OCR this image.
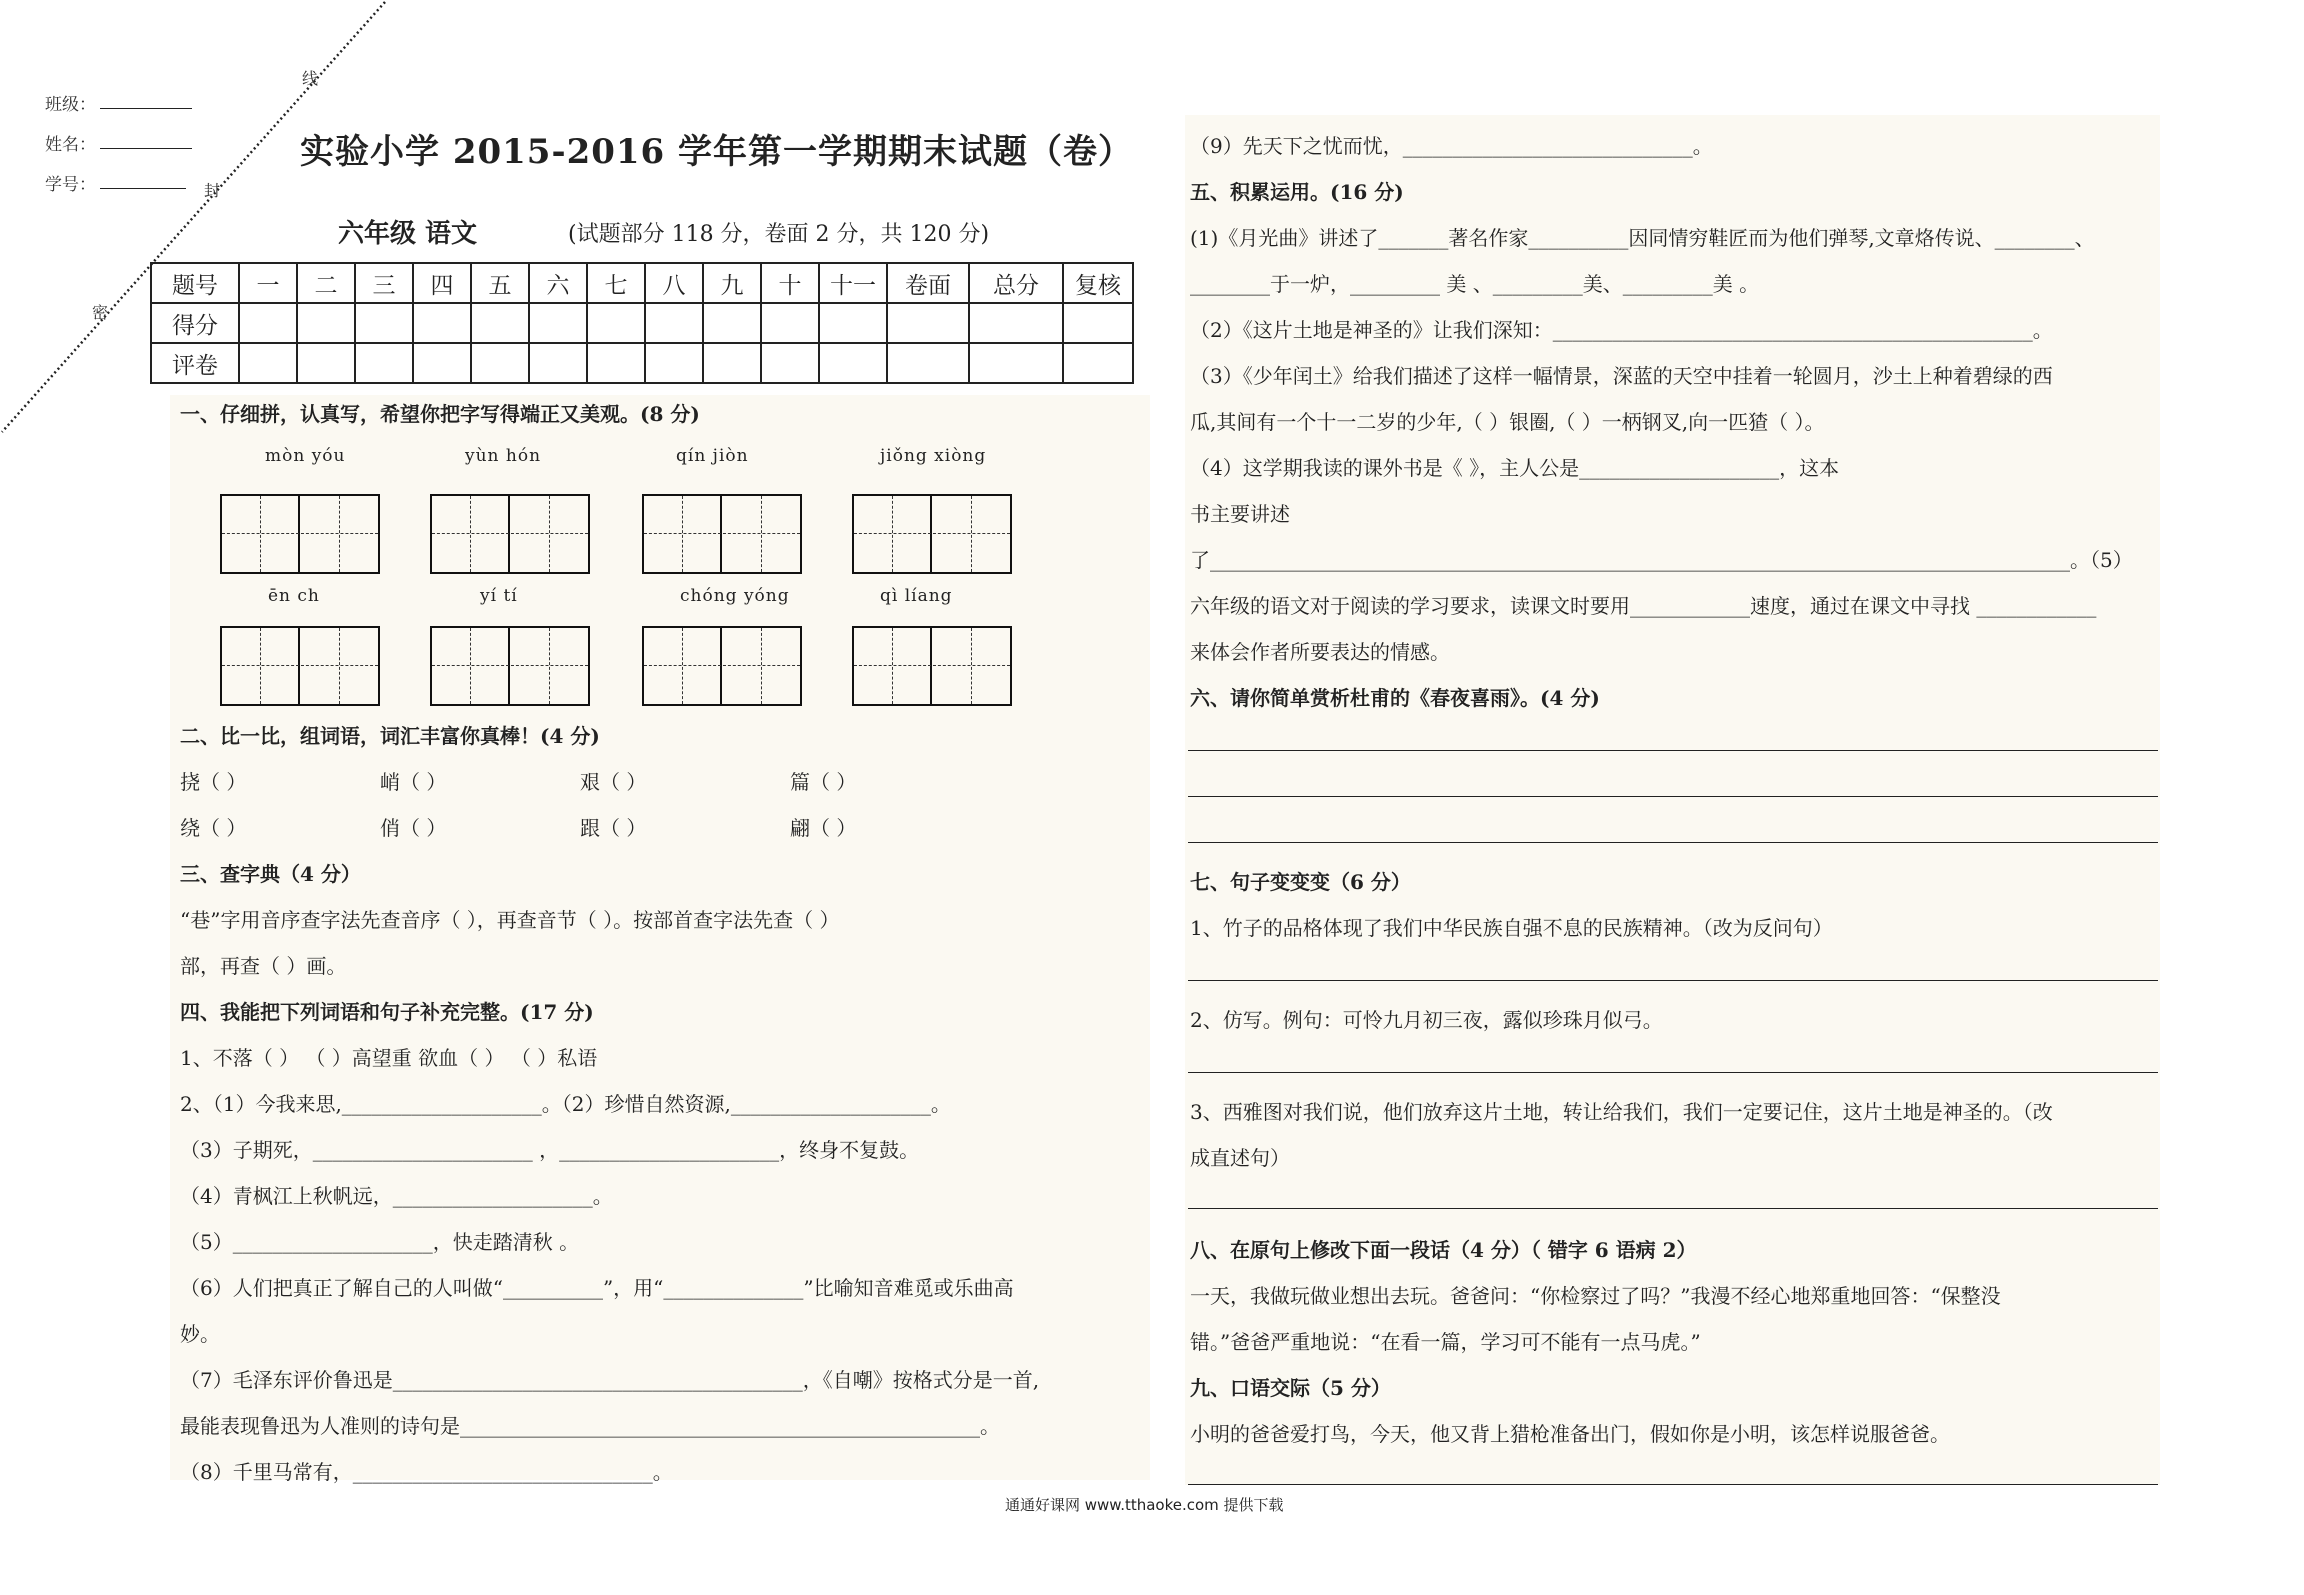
班级：
姓名：
学号：
线
封
密
实验小学 2015-2016 学年第一学期期末试题（卷）
六年级 语文	(试题部分 118 分，卷面 2 分，共 120 分)
题号	一	二	三	四	五	六	七	八	九	十	十一	卷面	总分	复核
得分														
评卷														
一、仔细拼，认真写，希望你把字写得端正又美观。(8 分)
mòn yóu	yùn hón	qín jiòn	jiǒng xiòng
ēn ch	yí tí	chóng yóng	qì líang
二、比一比，组词语，词汇丰富你真棒！(4 分)
挠（ ）	峭（ ）	艰（ ）	篇（ ）
绕（ ）	俏（ ）	跟（ ）	翩（ ）
三、查字典（4 分）
“巷”字用音序查字法先查音序（ ），再查音节（ ）。按部首查字法先查（ ）
部，再查（ ）画。
四、我能把下列词语和句子补充完整。(17 分)
1、不落（ ） （ ）高望重 欲血（ ） （ ）私语
2、（1）今我来思,____________________。（2）珍惜自然资源,____________________。
（3）子期死，______________________ ，______________________，终身不复鼓。
（4）青枫江上秋帆远，____________________。
（5）____________________，快走踏清秋 。
（6）人们把真正了解自己的人叫做“__________”，用“______________”比喻知音难觅或乐曲高
妙。
（7）毛泽东评价鲁迅是_________________________________________，《自嘲》按格式分是一首,
最能表现鲁迅为人准则的诗句是____________________________________________________。
（8）千里马常有，______________________________。
（9）先天下之忧而忧，_____________________________。
五、积累运用。(16 分)
(1)《月光曲》讲述了_______著名作家__________因同情穷鞋匠而为他们弹琴,文章烙传说、________、
________于一炉，_________ 美 、_________美、_________美 。
（2）《这片土地是神圣的》让我们深知：________________________________________________。
（3）《少年闰土》给我们描述了这样一幅情景，深蓝的天空中挂着一轮圆月，沙土上种着碧绿的西
瓜,其间有一个十一二岁的少年,（ ）银圈,（ ）一柄钢叉,向一匹猹（ ）。
（4）这学期我读的课外书是《 》，主人公是____________________，这本
书主要讲述
了______________________________________________________________________________________。（5）
六年级的语文对于阅读的学习要求，读课文时要用____________速度，通过在课文中寻找 ____________
来体会作者所要表达的情感。
六、请你简单赏析杜甫的《春夜喜雨》。(4 分)
七、句子变变变（6 分）
1、竹子的品格体现了我们中华民族自强不息的民族精神。（改为反问句）
2、仿写。例句：可怜九月初三夜，露似珍珠月似弓。
3、西雅图对我们说，他们放弃这片土地，转让给我们，我们一定要记住，这片土地是神圣的。（改
成直述句）
八、在原句上修改下面一段话（4 分）（ 错字 6 语病 2）
一天，我做玩做业想出去玩。爸爸问：“你检察过了吗？”我漫不经心地郑重地回答：“保整没
错。”爸爸严重地说：“在看一篇，学习可不能有一点马虎。”
九、口语交际（5 分）
小明的爸爸爱打鸟，今天，他又背上猎枪准备出门，假如你是小明，该怎样说服爸爸。
通通好课网 www.tthaoke.com 提供下载
